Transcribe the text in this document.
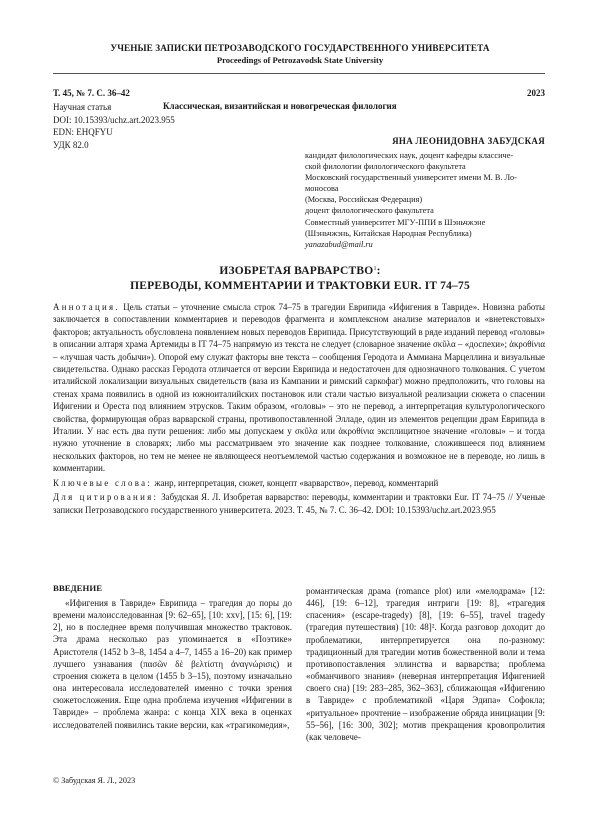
УЧЕНЫЕ ЗАПИСКИ ПЕТРОЗАВОДСКОГО ГОСУДАРСТВЕННОГО УНИВЕРСИТЕТА
Proceedings of Petrozavodsk State University
Т. 45, № 7. С. 36–42	2023
Научная статья	Классическая, византийская и новогреческая филология
DOI: 10.15393/uchz.art.2023.955
EDN: EHQFYU
УДК 82.0	ЯНА ЛЕОНИДОВНА ЗАБУДСКАЯ
кандидат филологических наук, доцент кафедры классиче-
ской филологии филологического факультета
Московский государственный университет имени М. В. Ло-
моносова
(Москва, Российская Федерация)
доцент филологического факультета
Совместный университет МГУ-ППИ в Шэньчжэне
(Шэньчжэнь, Китайская Народная Республика)
yanazabud@mail.ru
ИЗОБРЕТАЯ ВАРВАРСТВО$^1$:
ПЕРЕВОДЫ, КОММЕНТАРИИ И ТРАКТОВКИ EUR. IT 74–75

Аннотация. Цель статьи – уточнение смысла строк 74–75 в трагедии Еврипида «Ифигения в Тавриде». Новизна работы заключается в сопоставлении комментариев и переводов фрагмента и комплексном анализе материалов и «внетекстовых» факторов; актуальность обусловлена появлением новых переводов Еврипида. Присутствующий в ряде изданий перевод «головы» в описании алтаря храма Артемиды в IT 74–75 напрямую из текста не следует (словарное значение σκῦλα – «доспехи»; ἀκροθίνια – «лучшая часть добычи»). Опорой ему служат факторы вне текста – сообщения Геродота и Аммиана Марцеллина и визуальные свидетельства. Однако рассказ Геродота отличается от версии Еврипида и недостаточен для однозначного толкования. С учетом италийской локализации визуальных свидетельств (ваза из Кампании и римский саркофаг) можно предположить, что головы на стенах храма появились в одной из южноиталийских постановок или стали частью визуальной реализации сюжета о спасении Ифигении и Ореста под влиянием этрусков. Таким образом, «головы» – это не перевод, а интерпретация культурологического свойства, формирующая образ варварской страны, противопоставленной Элладе, один из элементов рецепции драм Еврипида в Италии. У нас есть два пути решения: либо мы допускаем у σκῦλα или ἀκροθίνια эксплицитное значение «головы» – и тогда нужно уточнение в словарях; либо мы рассматриваем это значение как позднее толкование, сложившееся под влиянием нескольких факторов, но тем не менее не являющееся неотъемлемой частью содержания и возможное не в переводе, но лишь в комментарии.

Ключевые слова: жанр, интерпретация, сюжет, концепт «варварство», перевод, комментарий

Для цитирования: Забудская Я. Л. Изобретая варварство: переводы, комментарии и трактовки Eur. IT 74–75 // Ученые записки Петрозаводского государственного университета. 2023. Т. 45, № 7. С. 36–42. DOI: 10.15393/uchz.art.2023.955

ВВЕДЕНИЕ
«Ифигения в Тавриде» Еврипида – трагедия до поры до времени малоисследованная [9: 62–65], [10: xxv], [15: 6], [19: 2], но в последнее время получившая множество трактовок. Эта драма несколько раз упоминается в «Поэтике» Аристотеля (1452 b 3–8, 1454 a 4–7, 1455 a 16–20) как пример лучшего узнавания (πασῶν δὲ βελτίστη ἀναγνώρισις) и строения сюжета в целом (1455 b 3–15), поэтому изначально она интересовала исследователей именно с точки зрения сюжетосложения. Еще одна проблема изучения «Ифигении в Тавриде» – проблема жанра: с конца XIX века в оценках исследователей появились такие версии, как «трагикомедия»,
романтическая драма (romance plot) или «мелодрама» [12: 446], [19: 6–12], трагедия интриги [19: 8], «трагедия спасения» (escape-tragedy) [8], [19: 6–55], travel tragedy (трагедия путешествия) [10: 48]². Когда разговор доходит до проблематики, интерпретируется она по-разному: традиционный для трагедии мотив божественной воли и тема противопоставления эллинства и варварства; проблема «обманчивого знания» (неверная интерпретация Ифигенией своего сна) [19: 283–285, 362–363], сближающая «Ифигению в Тавриде» с проблематикой «Царя Эдипа» Софокла; «ритуальное» прочтение – изображение обряда инициации [9: 55–56], [16: 300, 302]; мотив прекращения кровопролития (как человече-
© Забудская Я. Л., 2023
